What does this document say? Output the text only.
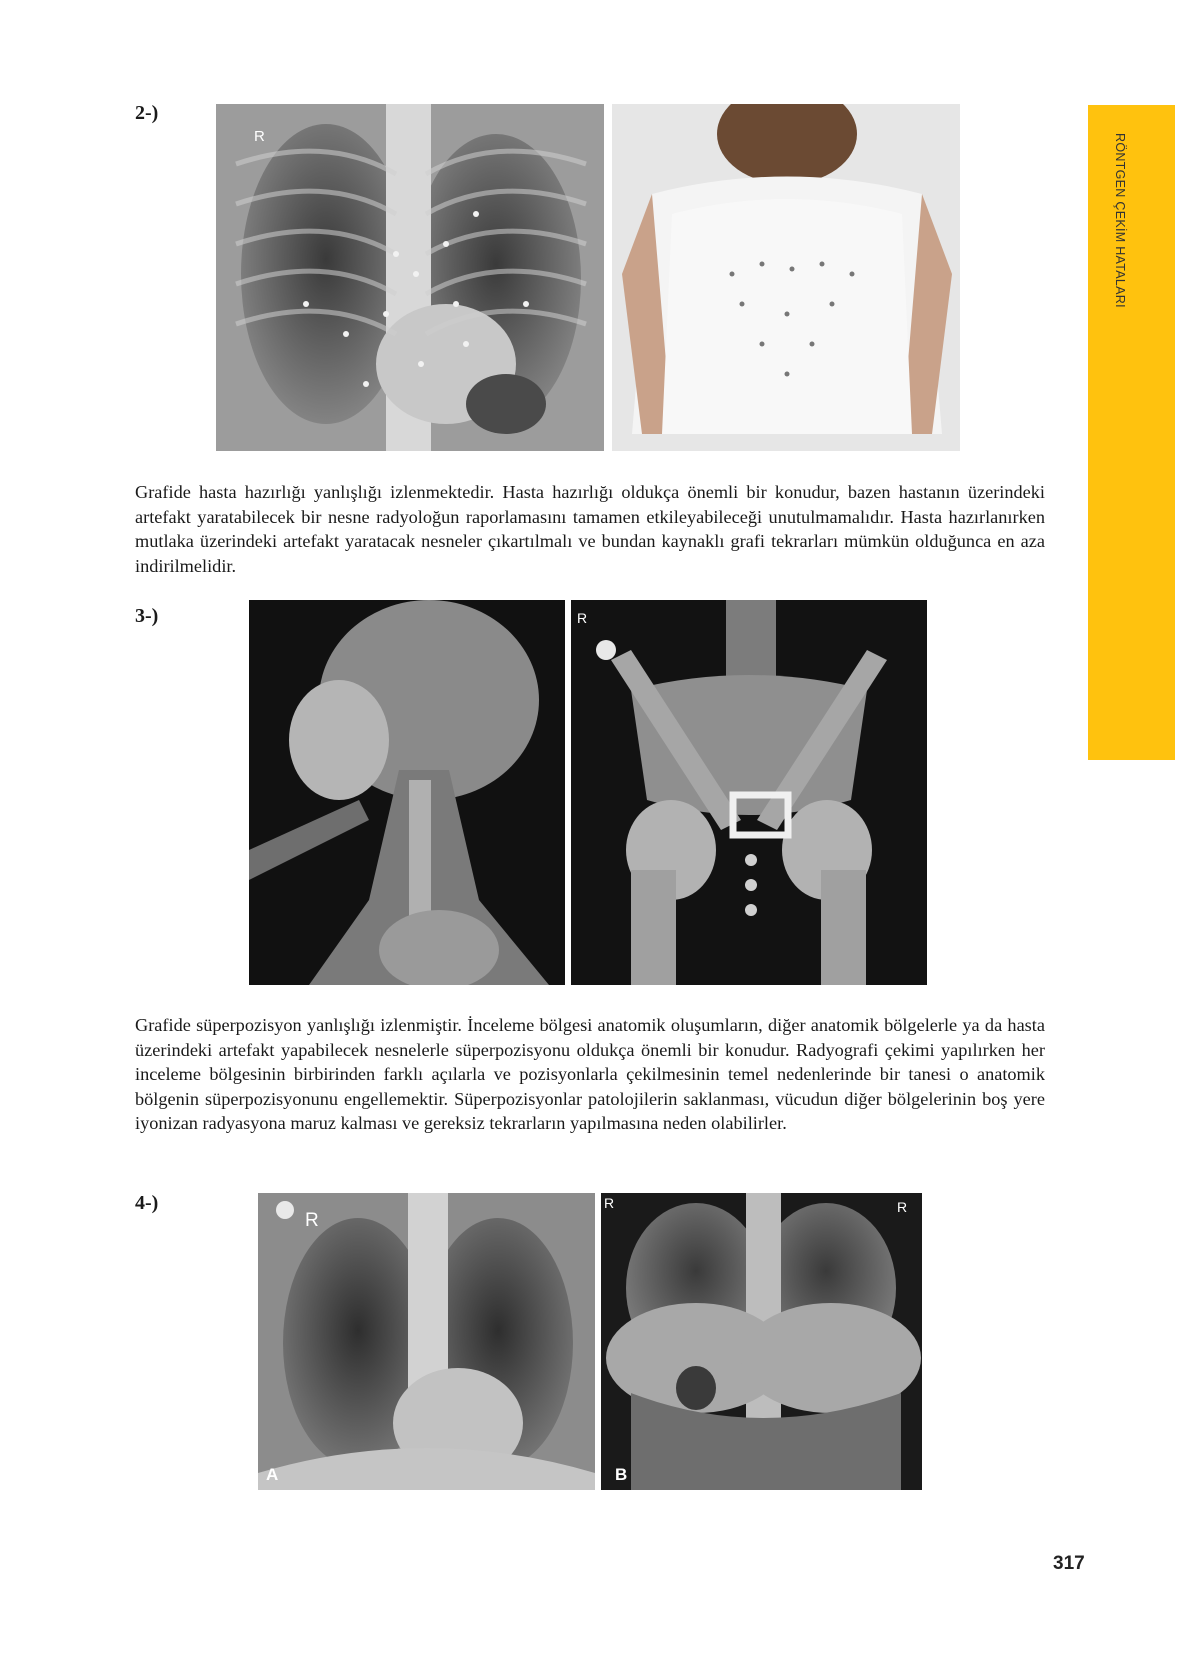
RÖNTGEN ÇEKİM HATALARI
2-)
R
Grafide hasta hazırlığı yanlışlığı izlenmektedir. Hasta hazırlığı oldukça önemli bir konudur, bazen hastanın üzerindeki artefakt yaratabilecek bir nesne radyoloğun raporlamasını tamamen etkileyabileceği unutulmamalıdır. Hasta hazırlanırken mutlaka üzerindeki artefakt yaratacak nesneler çıkartılmalı ve bundan kaynaklı grafi tekrarları mümkün olduğunca en aza indirilmelidir.
3-)	R
Grafide süperpozisyon yanlışlığı izlenmiştir. İnceleme bölgesi anatomik oluşumların, diğer anatomik bölgelerle ya da hasta üzerindeki artefakt yapabilecek nesnelerle süperpozisyonu oldukça önemli bir konudur. Radyografi çekimi yapılırken her inceleme bölgesinin birbirinden farklı açılarla ve pozisyonlarla çekilmesinin temel nedenlerinde bir tanesi o anatomik bölgenin süperpozisyonunu engellemektir. Süperpozisyonlar patolojilerin saklanması, vücudun diğer bölgelerinin boş yere iyonizan radyasyona maruz kalması ve gereksiz tekrarların yapılmasına neden olabilirler.
4-)
R
A
R	R
B
317
